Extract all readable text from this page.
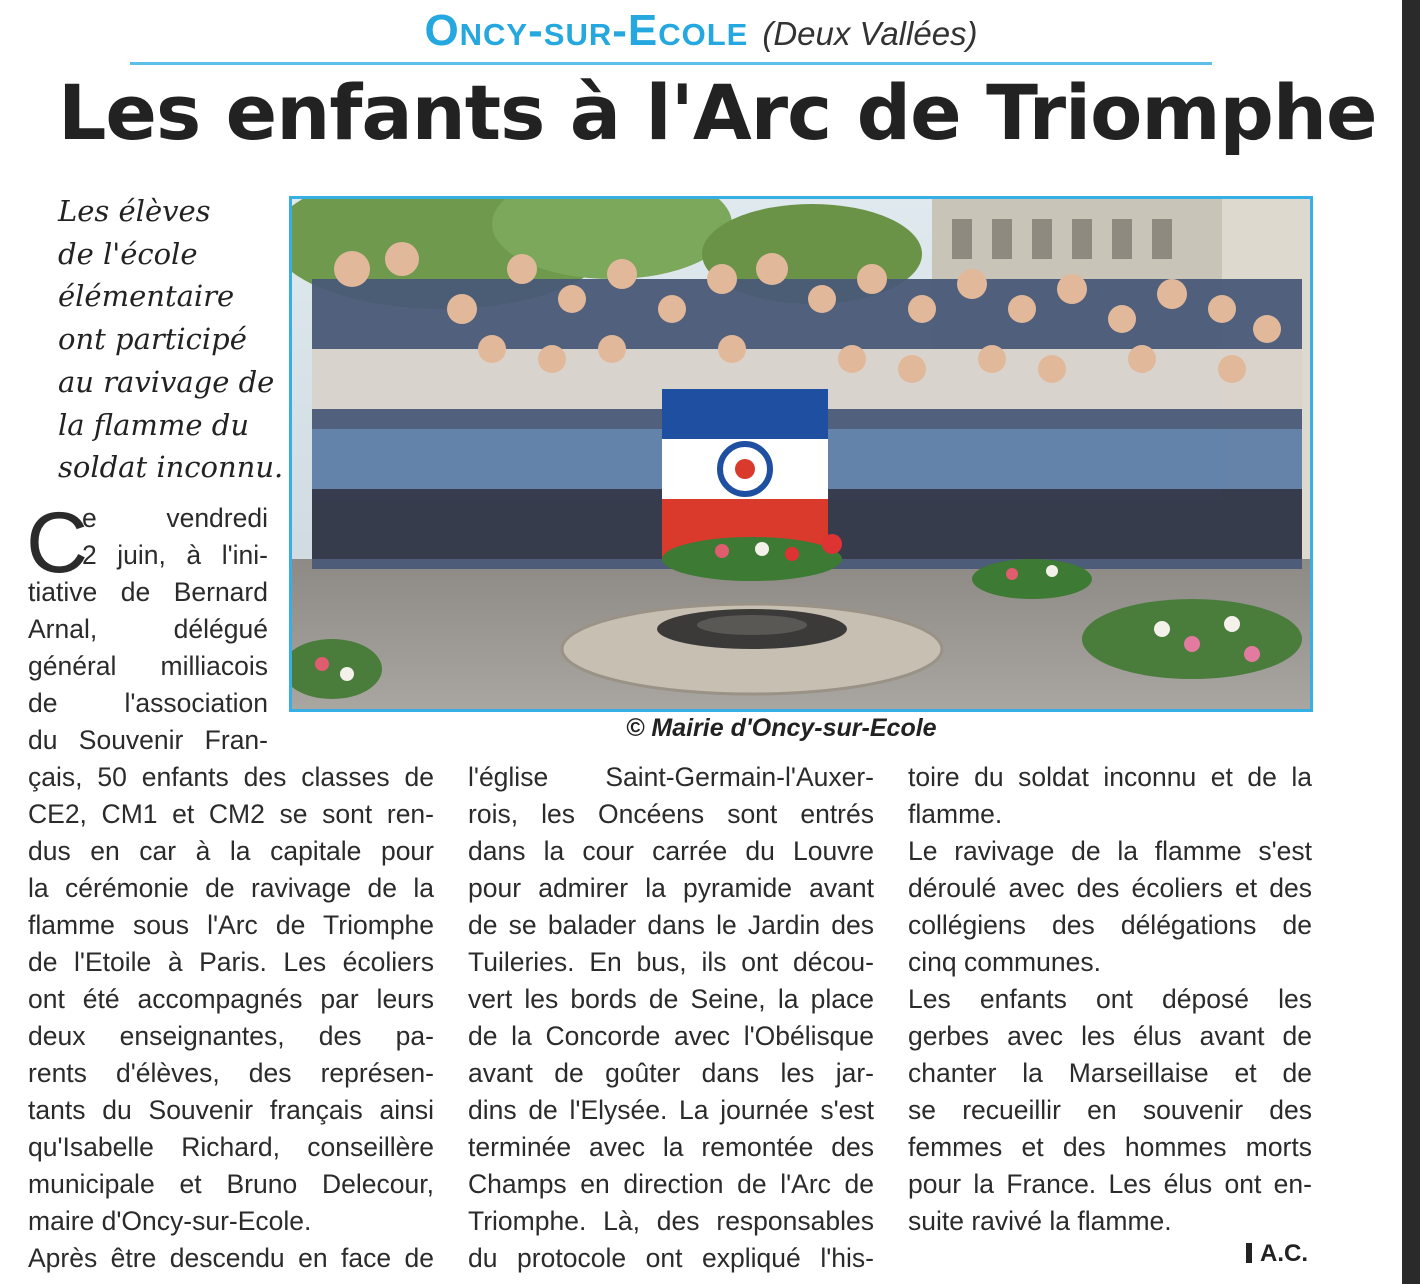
Oncy-sur-Ecole (Deux Vallées)
Les enfants à l'Arc de Triomphe
Les élèves
de l'école
élémentaire
ont participé
au ravivage de
la flamme du
soldat inconnu.
© Mairie d'Oncy-sur-Ecole
C
e vendredi
2 juin, à l'ini-
tiative de Bernard
Arnal, délégué
général milliacois
de l'association
du Souvenir Fran-
çais, 50 enfants des classes de
CE2, CM1 et CM2 se sont ren-
dus en car à la capitale pour
la cérémonie de ravivage de la
flamme sous l'Arc de Triomphe
de l'Etoile à Paris. Les écoliers
ont été accompagnés par leurs
deux enseignantes, des pa-
rents d'élèves, des représen-
tants du Souvenir français ainsi
qu'Isabelle Richard, conseillère
municipale et Bruno Delecour,
maire d'Oncy-sur-Ecole.
Après être descendu en face de
l'église Saint-Germain-l'Auxer-
rois, les Oncéens sont entrés
dans la cour carrée du Louvre
pour admirer la pyramide avant
de se balader dans le Jardin des
Tuileries. En bus, ils ont décou-
vert les bords de Seine, la place
de la Concorde avec l'Obélisque
avant de goûter dans les jar-
dins de l'Elysée. La journée s'est
terminée avec la remontée des
Champs en direction de l'Arc de
Triomphe. Là, des responsables
du protocole ont expliqué l'his-
toire du soldat inconnu et de la
flamme.
Le ravivage de la flamme s'est
déroulé avec des écoliers et des
collégiens des délégations de
cinq communes.
Les enfants ont déposé les
gerbes avec les élus avant de
chanter la Marseillaise et de
se recueillir en souvenir des
femmes et des hommes morts
pour la France. Les élus ont en-
suite ravivé la flamme.
A.C.
